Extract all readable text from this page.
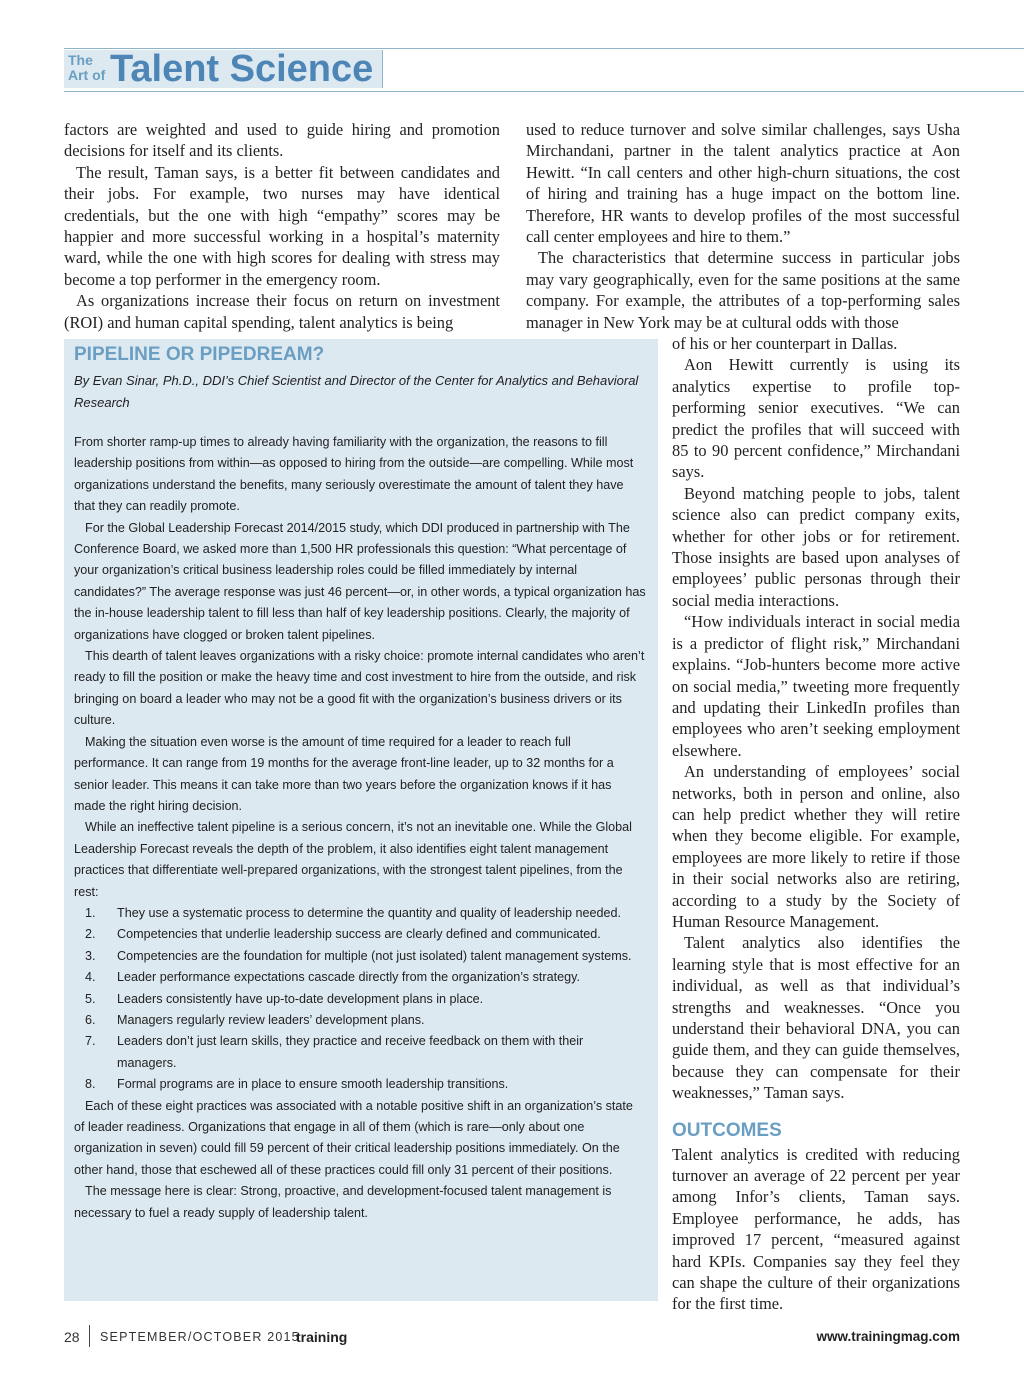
The
Art of Talent Science

factors are weighted and used to guide hiring and promotion decisions for itself and its clients.

The result, Taman says, is a better fit between candidates and their jobs. For example, two nurses may have identical credentials, but the one with high “empathy” scores may be happier and more successful working in a hospital’s maternity ward, while the one with high scores for dealing with stress may become a top performer in the emergency room.

As organizations increase their focus on return on investment (ROI) and human capital spending, talent analytics is being

used to reduce turnover and solve similar challenges, says Usha Mirchandani, partner in the talent analytics practice at Aon Hewitt. “In call centers and other high-churn situations, the cost of hiring and training has a huge impact on the bottom line. Therefore, HR wants to develop profiles of the most successful call center employees and hire to them.”

The characteristics that determine success in particular jobs may vary geographically, even for the same positions at the same company. For example, the attributes of a top-performing sales manager in New York may be at cultural odds with those

of his or her counterpart in Dallas.

Aon Hewitt currently is using its analytics expertise to profile top-performing senior executives. “We can predict the profiles that will succeed with 85 to 90 percent confidence,” Mirchandani says.

Beyond matching people to jobs, talent science also can predict company exits, whether for other jobs or for retirement. Those insights are based upon analyses of employees’ public personas through their social media interactions.

“How individuals interact in social media is a predictor of flight risk,” Mirchandani explains. “Job-hunters become more active on social media,” tweeting more frequently and updating their LinkedIn profiles than employees who aren’t seeking employment elsewhere.

An understanding of employees’ social networks, both in person and online, also can help predict whether they will retire when they become eligible. For example, employees are more likely to retire if those in their social networks also are retiring, according to a study by the Society of Human Resource Management.

Talent analytics also identifies the learning style that is most effective for an individual, as well as that individual’s strengths and weaknesses. “Once you understand their behavioral DNA, you can guide them, and they can guide themselves, because they can compensate for their weaknesses,” Taman says.

OUTCOMES

Talent analytics is credited with reducing turnover an average of 22 percent per year among Infor’s clients, Taman says. Employee performance, he adds, has improved 17 percent, “measured against hard KPIs. Companies say they feel they can shape the culture of their organizations for the first time.

PIPELINE OR PIPEDREAM?
By Evan Sinar, Ph.D., DDI’s Chief Scientist and Director of the Center for Analytics and Behavioral Research

From shorter ramp-up times to already having familiarity with the organization, the reasons to fill leadership positions from within—as opposed to hiring from the outside—are compelling. While most organizations understand the benefits, many seriously overestimate the amount of talent they have that they can readily promote.

For the Global Leadership Forecast 2014/2015 study, which DDI produced in partnership with The Conference Board, we asked more than 1,500 HR professionals this question: “What percentage of your organization’s critical business leadership roles could be filled immediately by internal candidates?” The average response was just 46 percent—or, in other words, a typical organization has the in-house leadership talent to fill less than half of key leadership positions. Clearly, the majority of organizations have clogged or broken talent pipelines.

This dearth of talent leaves organizations with a risky choice: promote internal candidates who aren’t ready to fill the position or make the heavy time and cost investment to hire from the outside, and risk bringing on board a leader who may not be a good fit with the organization’s business drivers or its culture.

Making the situation even worse is the amount of time required for a leader to reach full performance. It can range from 19 months for the average front-line leader, up to 32 months for a senior leader. This means it can take more than two years before the organization knows if it has made the right hiring decision.

While an ineffective talent pipeline is a serious concern, it’s not an inevitable one. While the Global Leadership Forecast reveals the depth of the problem, it also identifies eight talent management practices that differentiate well-prepared organizations, with the strongest talent pipelines, from the rest:

1. They use a systematic process to determine the quantity and quality of leadership needed.
2. Competencies that underlie leadership success are clearly defined and communicated.
3. Competencies are the foundation for multiple (not just isolated) talent management systems.
4. Leader performance expectations cascade directly from the organization’s strategy.
5. Leaders consistently have up-to-date development plans in place.
6. Managers regularly review leaders’ development plans.
7. Leaders don’t just learn skills, they practice and receive feedback on them with their managers.
8. Formal programs are in place to ensure smooth leadership transitions.

Each of these eight practices was associated with a notable positive shift in an organization’s state of leader readiness. Organizations that engage in all of them (which is rare—only about one organization in seven) could fill 59 percent of their critical leadership positions immediately. On the other hand, those that eschewed all of these practices could fill only 31 percent of their positions.

The message here is clear: Strong, proactive, and development-focused talent management is necessary to fuel a ready supply of leadership talent.

28 SEPTEMBER/OCTOBER 2015
training	www.trainingmag.com
